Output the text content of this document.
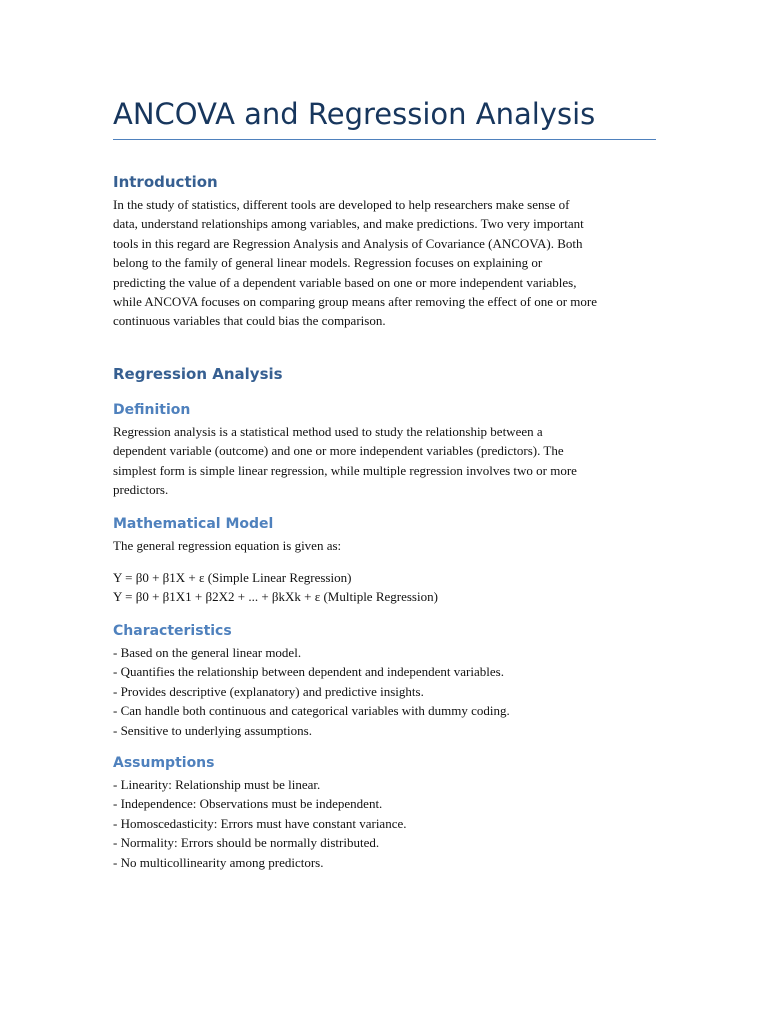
ANCOVA and Regression Analysis
Introduction
In the study of statistics, different tools are developed to help researchers make sense of
data, understand relationships among variables, and make predictions. Two very important
tools in this regard are Regression Analysis and Analysis of Covariance (ANCOVA). Both
belong to the family of general linear models. Regression focuses on explaining or
predicting the value of a dependent variable based on one or more independent variables,
while ANCOVA focuses on comparing group means after removing the effect of one or more
continuous variables that could bias the comparison.
Regression Analysis
Definition
Regression analysis is a statistical method used to study the relationship between a
dependent variable (outcome) and one or more independent variables (predictors). The
simplest form is simple linear regression, while multiple regression involves two or more
predictors.
Mathematical Model
The general regression equation is given as:
Y = β0 + β1X + ε (Simple Linear Regression)
Y = β0 + β1X1 + β2X2 + ... + βkXk + ε (Multiple Regression)
Characteristics
- Based on the general linear model.
- Quantifies the relationship between dependent and independent variables.
- Provides descriptive (explanatory) and predictive insights.
- Can handle both continuous and categorical variables with dummy coding.
- Sensitive to underlying assumptions.
Assumptions
- Linearity: Relationship must be linear.
- Independence: Observations must be independent.
- Homoscedasticity: Errors must have constant variance.
- Normality: Errors should be normally distributed.
- No multicollinearity among predictors.
